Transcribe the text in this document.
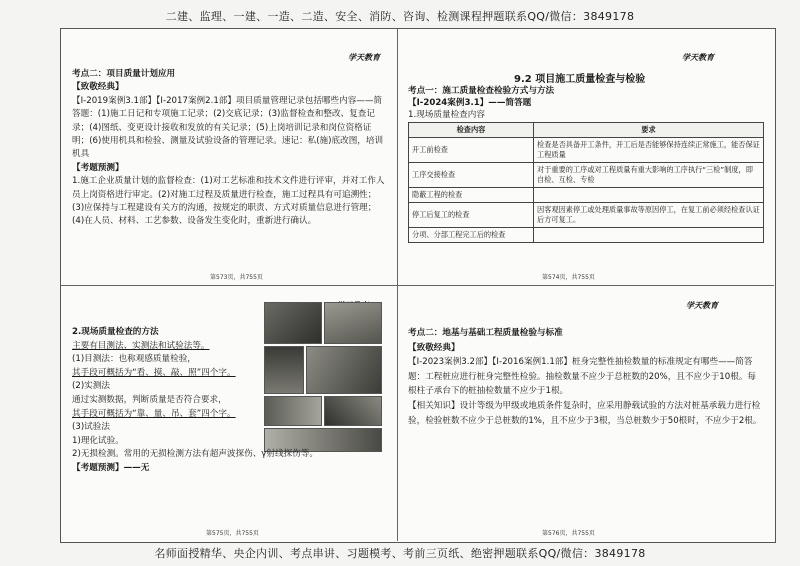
二建、监理、一建、一造、二造、安全、消防、咨询、检测课程押题联系QQ/微信：3849178
学天教育

考点二：项目质量计划应用

【致敬经典】

【Ⅰ-2019案例3.1部】【Ⅰ-2017案例2.1部】项目质量管理记录包括哪些内容——简答题：(1)施工日记和专项施工记录；(2)交底记录；(3)监督检查和整改、复查记录；(4)图纸、变更设计接收和发放的有关记录；(5)上岗培训记录和岗位资格证明；(6)使用机具和检验、测量及试验设备的管理记录。速记：私(施)底改图，培训机具

【考题预测】

1.施工企业质量计划的监督检查：(1)对工艺标准和技术文件进行评审，并对工作人员上岗资格进行审定。(2)对施工过程及质量进行检查，施工过程具有可追溯性；(3)应保持与工程建设有关方的沟通，按规定的职责、方式对质量信息进行管理；(4)在人员、材料、工艺参数、设备发生变化时，重新进行确认。

第573页，共755页
学天教育
9.2 项目施工质量检查与检验
考点一：施工质量检查检验方式与方法
【Ⅰ-2024案例3.1】——简答题
1.现场质量检查内容
检查内容	要求
开工前检查	检查是否具备开工条件，开工后是否能够保持连续正常施工，能否保证工程质量
工序交接检查	对于重要的工序或对工程质量有重大影响的工序执行“三检”制度，即自检、互检、专检
隐蔽工程的检查	
停工后复工的检查	因客观因素停工或处理质量事故等原因停工，在复工前必须经检查认证后方可复工。
分项、分部工程完工后的检查	
第574页，共755页

2.现场质量检查的方法

主要有目测法、实测法和试验法等。

(1)目测法：也称观感质量检验，

其手段可概括为“看、摸、敲、照”四个字。

(2)实测法

通过实测数据，判断质量是否符合要求，

其手段可概括为“靠、量、吊、套”四个字。

(3)试验法

1)理化试验。

2)无损检测。常用的无损检测方法有超声波探伤、γ射线探伤等。

【考题预测】——无

第575页，共755页
学天教育

考点二：地基与基础工程质量检验与标准

【致敬经典】

【Ⅰ-2023案例3.2部】【Ⅰ-2016案例1.1部】桩身完整性抽检数量的标准规定有哪些——简答题：工程桩应进行桩身完整性检验。抽检数量不应少于总桩数的20%，且不应少于10根。每根柱子承台下的桩抽检数量不应少于1根。

【相关知识】设计等级为甲级或地质条件复杂时，应采用静载试验的方法对桩基承载力进行检验，检验桩数不应少于总桩数的1%，且不应少于3根，当总桩数少于50根时，不应少于2根。

第576页，共755页
名师面授精华、央企内训、考点串讲、习题模考、考前三页纸、绝密押题联系QQ/微信：3849178
